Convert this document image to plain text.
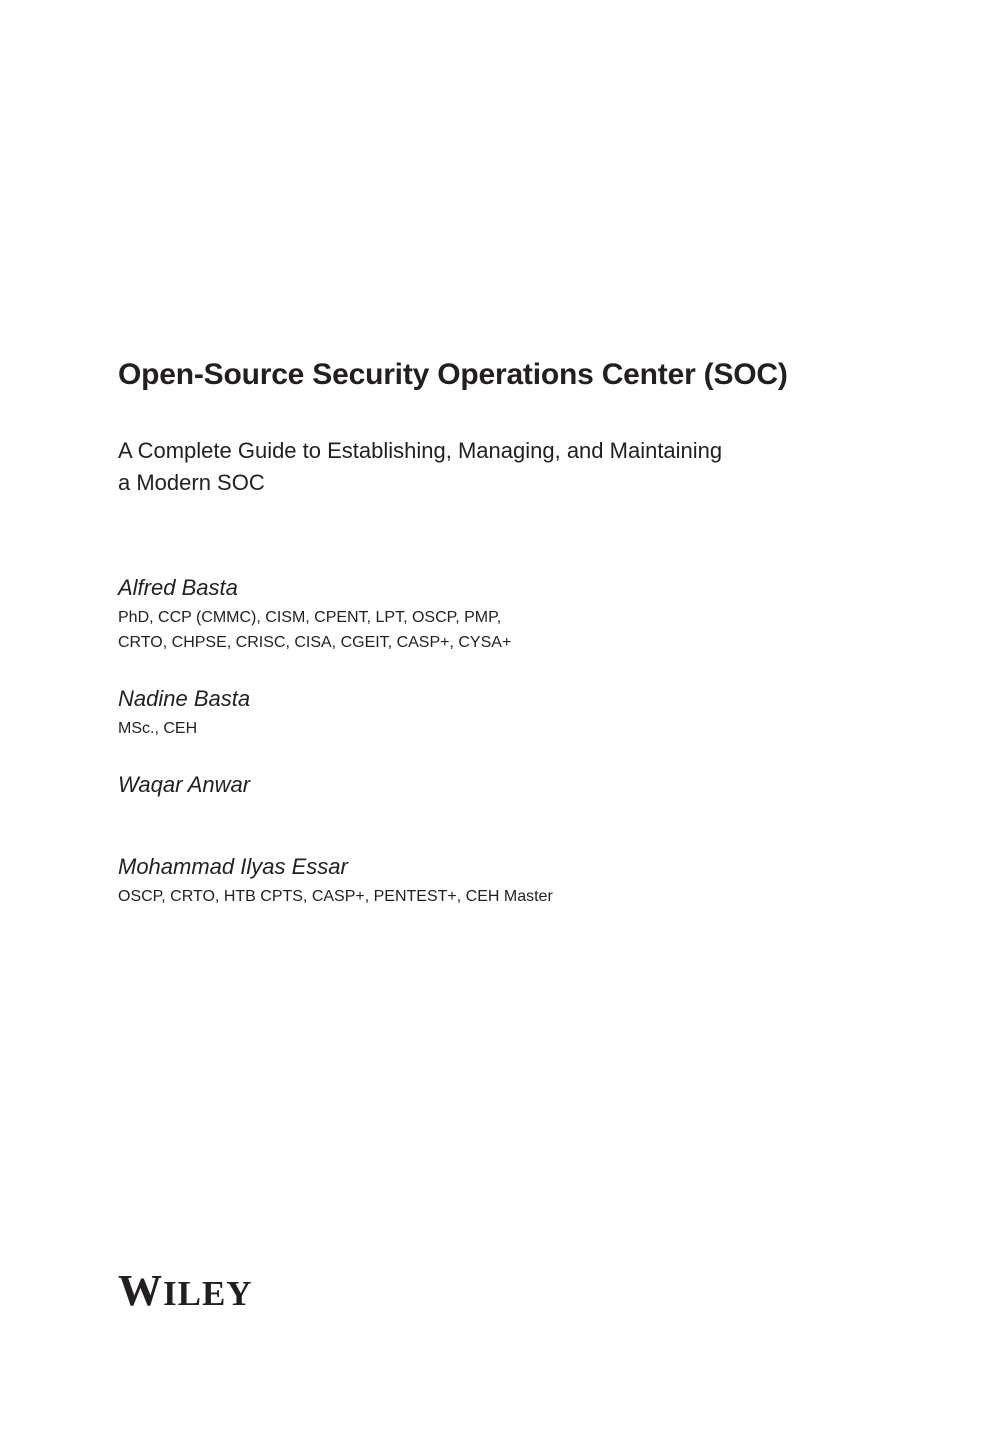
Open-Source Security Operations Center (SOC)
A Complete Guide to Establishing, Managing, and Maintaining
a Modern SOC

Alfred Basta

PhD, CCP (CMMC), CISM, CPENT, LPT, OSCP, PMP,
CRTO, CHPSE, CRISC, CISA, CGEIT, CASP+, CYSA+

Nadine Basta

MSc., CEH

Waqar Anwar

Mohammad Ilyas Essar

OSCP, CRTO, HTB CPTS, CASP+, PENTEST+, CEH Master
WILEY
